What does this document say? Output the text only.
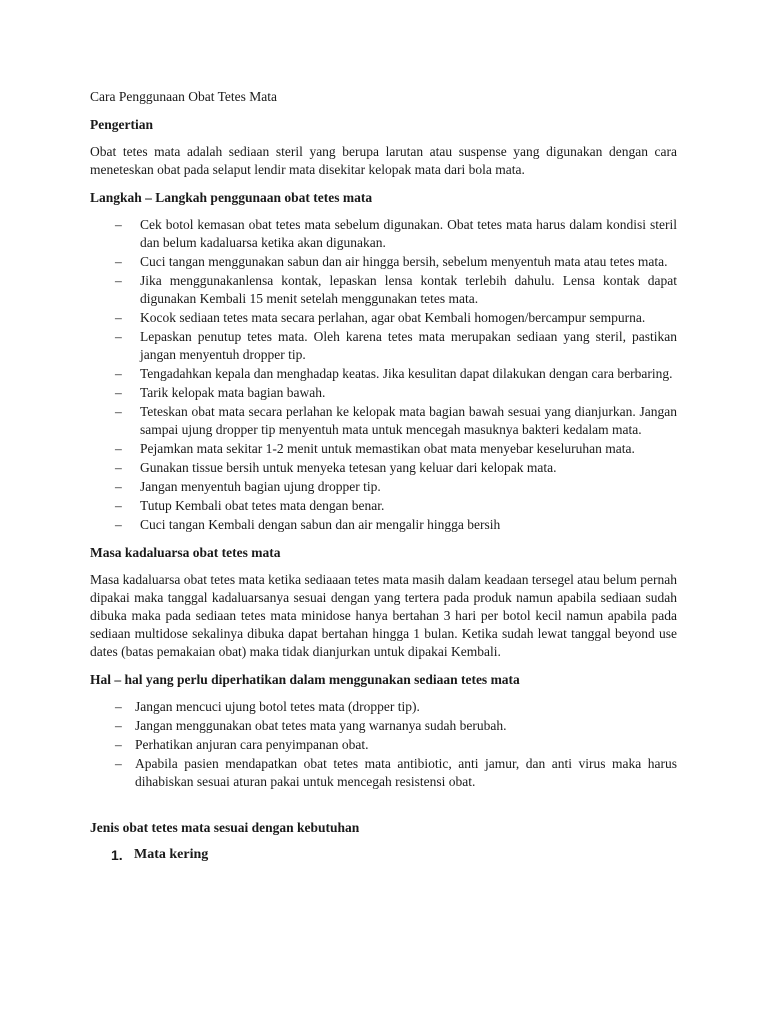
Cara Penggunaan Obat Tetes Mata
Pengertian

Obat tetes mata adalah sediaan steril yang berupa larutan atau suspense yang digunakan dengan cara meneteskan obat pada selaput lendir mata disekitar kelopak mata dari bola mata.

Langkah – Langkah penggunaan obat tetes mata
– Cek botol kemasan obat tetes mata sebelum digunakan. Obat tetes mata harus dalam kondisi steril dan belum kadaluarsa ketika akan digunakan.
– Cuci tangan menggunakan sabun dan air hingga bersih, sebelum menyentuh mata atau tetes mata.
– Jika menggunakanlensa kontak, lepaskan lensa kontak terlebih dahulu. Lensa kontak dapat digunakan Kembali 15 menit setelah menggunakan tetes mata.
– Kocok sediaan tetes mata secara perlahan, agar obat Kembali homogen/bercampur sempurna.
– Lepaskan penutup tetes mata. Oleh karena tetes mata merupakan sediaan yang steril, pastikan jangan menyentuh dropper tip.
– Tengadahkan kepala dan menghadap keatas. Jika kesulitan dapat dilakukan dengan cara berbaring.
– Tarik kelopak mata bagian bawah.
– Teteskan obat mata secara perlahan ke kelopak mata bagian bawah sesuai yang dianjurkan. Jangan sampai ujung dropper tip menyentuh mata untuk mencegah masuknya bakteri kedalam mata.
– Pejamkan mata sekitar 1-2 menit untuk memastikan obat mata menyebar keseluruhan mata.
– Gunakan tissue bersih untuk menyeka tetesan yang keluar dari kelopak mata.
– Jangan menyentuh bagian ujung dropper tip.
– Tutup Kembali obat tetes mata dengan benar.
– Cuci tangan Kembali dengan sabun dan air mengalir hingga bersih
Masa kadaluarsa obat tetes mata

Masa kadaluarsa obat tetes mata ketika sediaaan tetes mata masih dalam keadaan tersegel atau belum pernah dipakai maka tanggal kadaluarsanya sesuai dengan yang tertera pada produk namun apabila sediaan sudah dibuka maka pada sediaan tetes mata minidose hanya bertahan 3 hari per botol kecil namun apabila pada sediaan multidose sekalinya dibuka dapat bertahan hingga 1 bulan. Ketika sudah lewat tanggal beyond use dates (batas pemakaian obat) maka tidak dianjurkan untuk dipakai Kembali.

Hal – hal yang perlu diperhatikan dalam menggunakan sediaan tetes mata
– Jangan mencuci ujung botol tetes mata (dropper tip).
– Jangan menggunakan obat tetes mata yang warnanya sudah berubah.
– Perhatikan anjuran cara penyimpanan obat.
– Apabila pasien mendapatkan obat tetes mata antibiotic, anti jamur, dan anti virus maka harus dihabiskan sesuai aturan pakai untuk mencegah resistensi obat.
Jenis obat tetes mata sesuai dengan kebutuhan
1. Mata kering
